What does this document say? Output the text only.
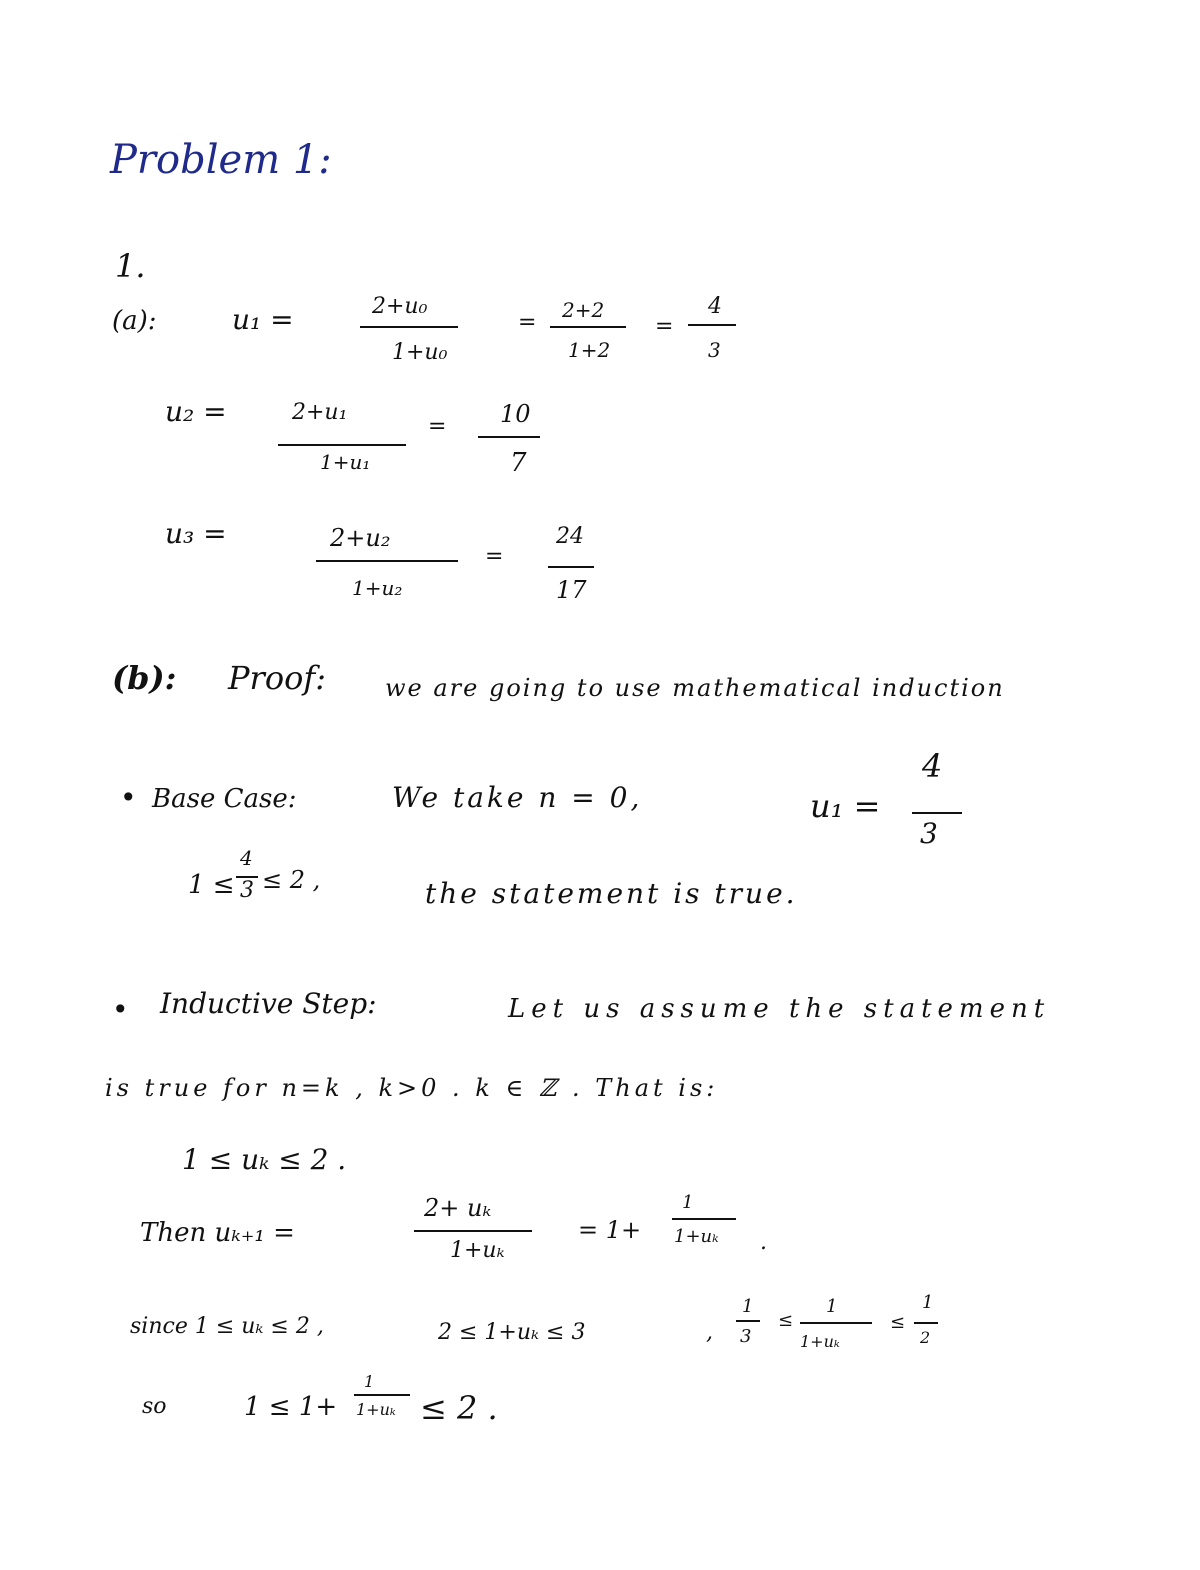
Problem 1:
1.
(a):	u₁ =	2+u₀
1+u₀
= 2+2
1+2
=
4
3
u₂ =	2+u₁
1+u₁
= 10
7
u₃ =	2+u₂
1+u₂
=
24
17
(b): Proof: we are going to use mathematical induction
• Base Case:	We take n = 0,	u₁ =
4
3
1 ≤
4
3 ≤ 2 ,	the statement is true.
• Inductive Step:	Let us assume the statement
is true for n=k , k>0 . k ∈ ℤ . That is:
1 ≤ uₖ ≤ 2 .
Then uₖ₊₁ =
2+ uₖ
1+uₖ
= 1+
1
1+uₖ .
since 1 ≤ uₖ ≤ 2 ,	2 ≤ 1+uₖ ≤ 3	,
1
3
≤
1
1+uₖ
≤
1
2
so	1 ≤ 1+
1
1+uₖ ≤ 2 .
